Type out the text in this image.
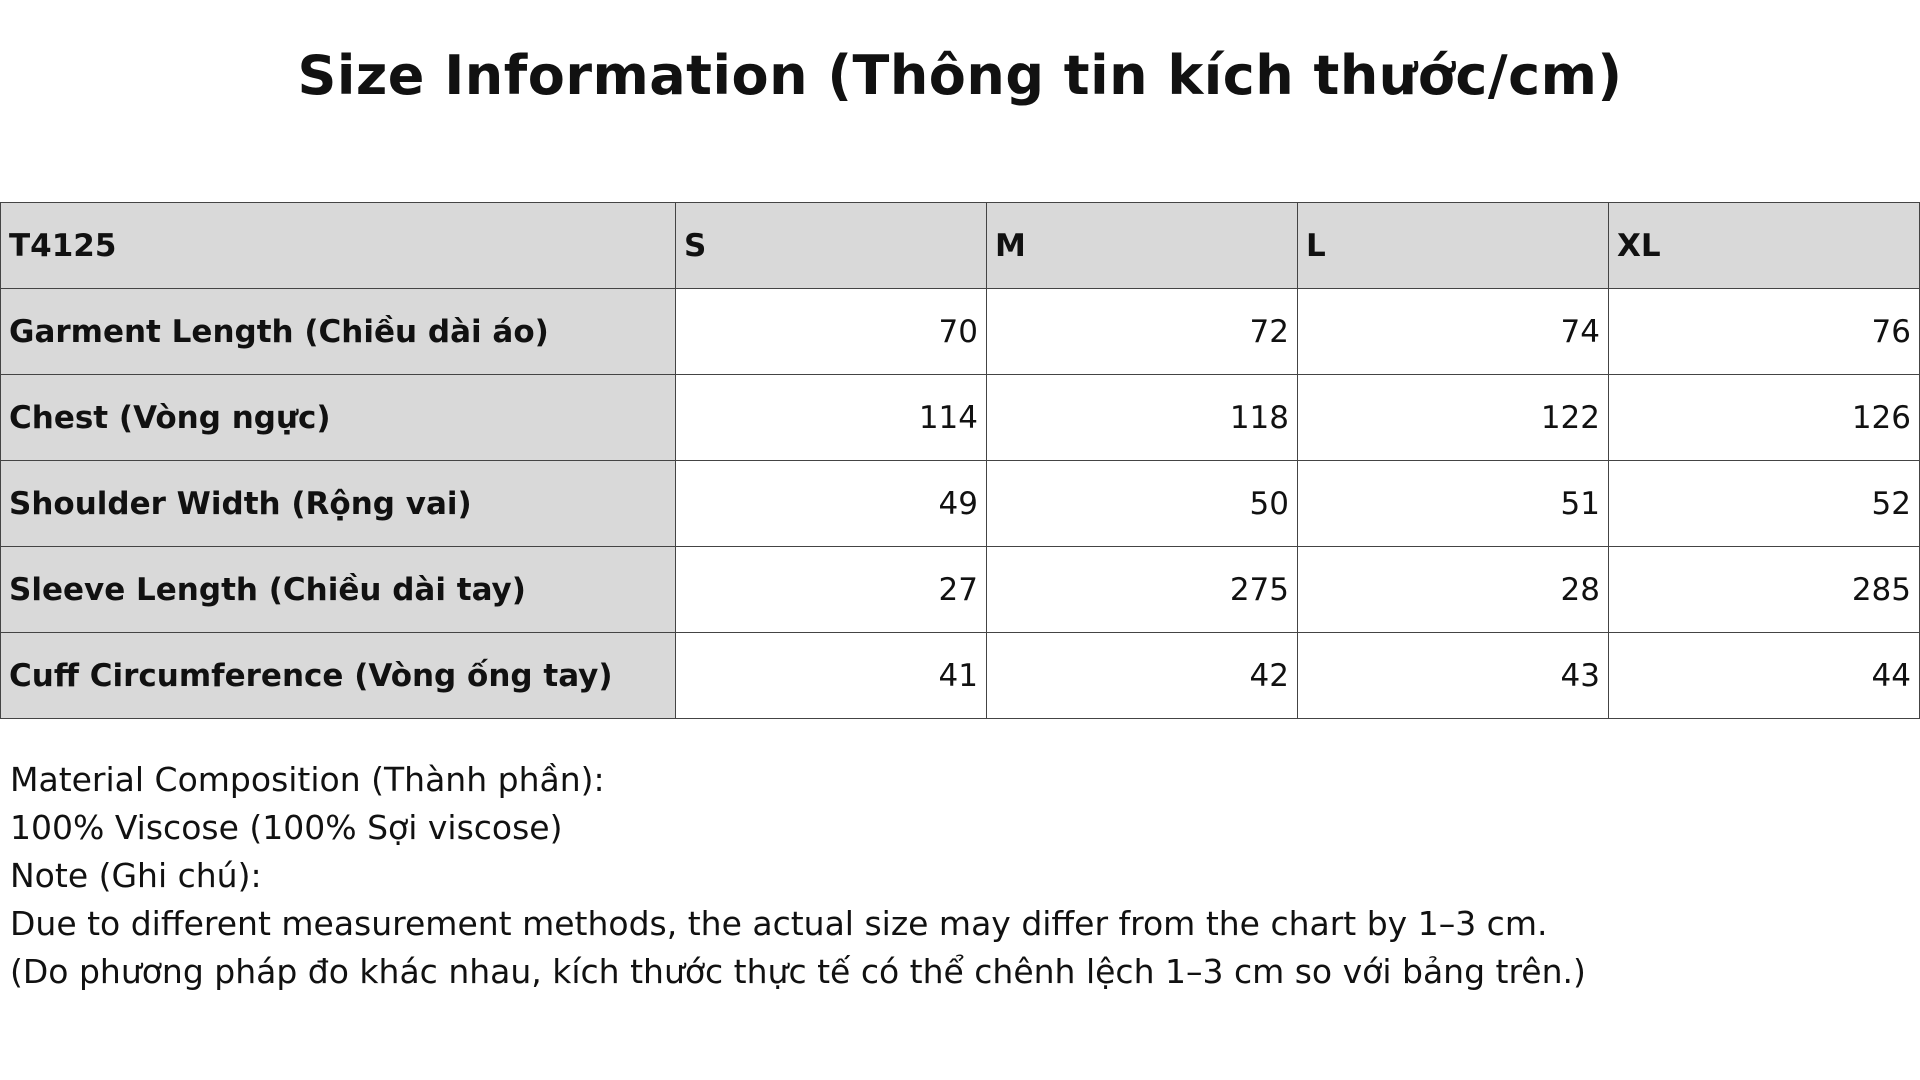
Size Information (Thông tin kích thước/cm)
T4125	S	M	L	XL
Garment Length (Chiều dài áo)	70	72	74	76
Chest (Vòng ngực)	114	118	122	126
Shoulder Width (Rộng vai)	49	50	51	52
Sleeve Length (Chiều dài tay)	27	275	28	285
Cuff Circumference (Vòng ống tay)	41	42	43	44
Material Composition (Thành phần):
100% Viscose (100% Sợi viscose)
Note (Ghi chú):
Due to different measurement methods, the actual size may differ from the chart by 1–3 cm.
(Do phương pháp đo khác nhau, kích thước thực tế có thể chênh lệch 1–3 cm so với bảng trên.)
